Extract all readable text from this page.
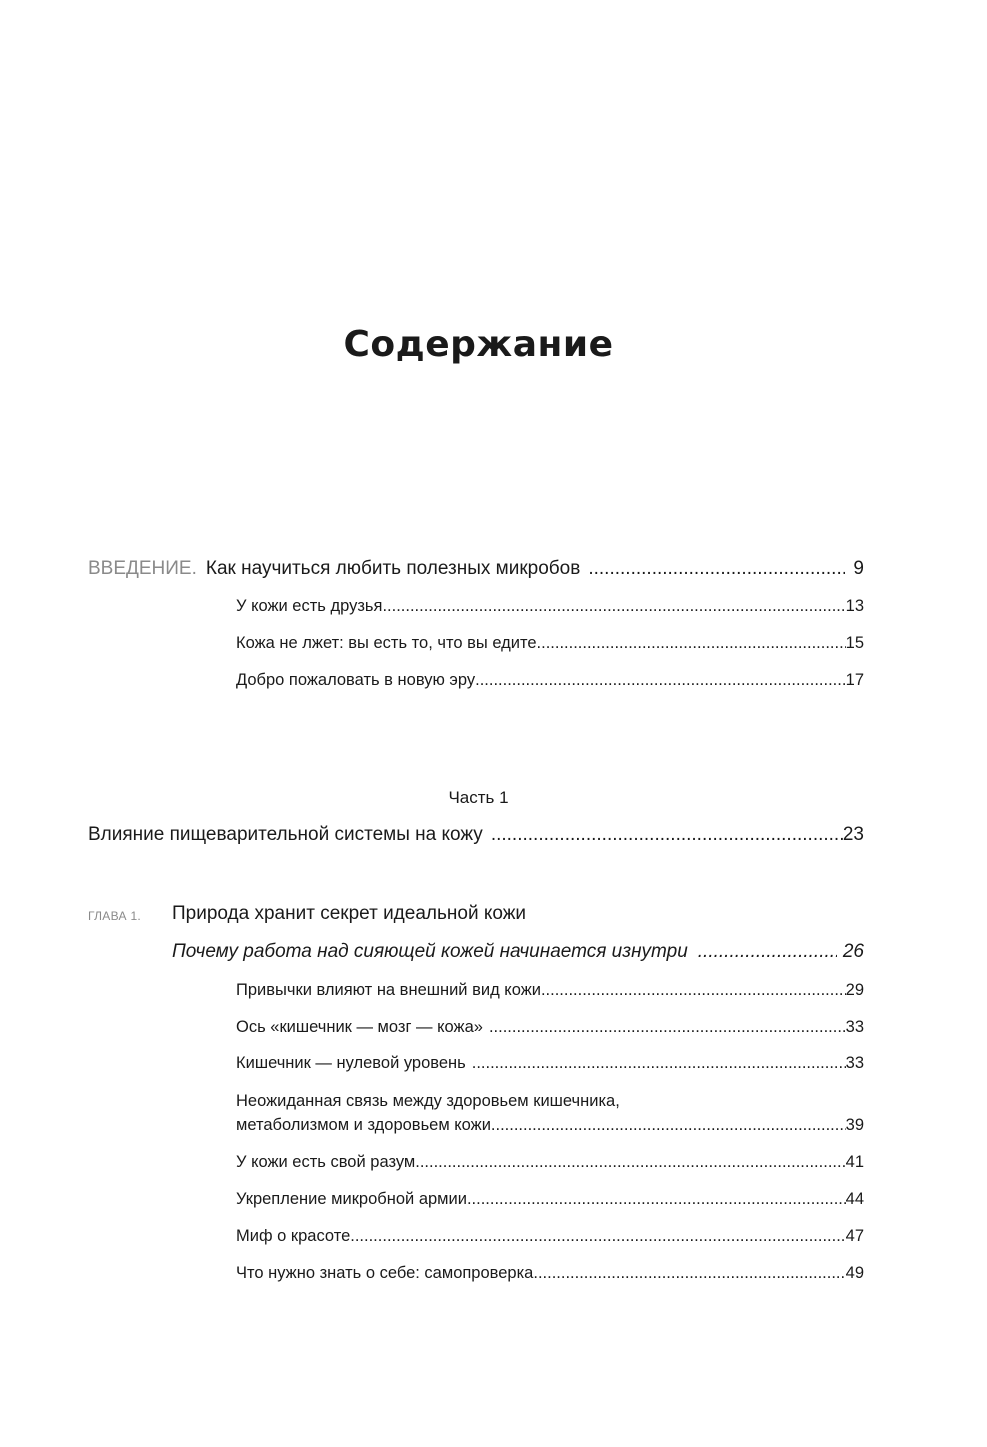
Содержание
ВВЕДЕНИЕ. Как научиться любить полезных микробов .....	9
У кожи есть друзья .....	13
Кожа не лжет: вы есть то, что вы едите .....	15
Добро пожаловать в новую эру .....	17
Часть 1
Влияние пищеварительной системы на кожу .....	23
ГЛАВА 1. Природа хранит секрет идеальной кожи
Почему работа над сияющей кожей начинается изнутри .....	26
Привычки влияют на внешний вид кожи .....	29
Ось «кишечник — мозг — кожа» .....	33
Кишечник — нулевой уровень .....	33
Неожиданная связь между здоровьем кишечника,
метаболизмом и здоровьем кожи .....	39
У кожи есть свой разум .....	41
Укрепление микробной армии .....	44
Миф о красоте .....	47
Что нужно знать о себе: самопроверка .....	49
